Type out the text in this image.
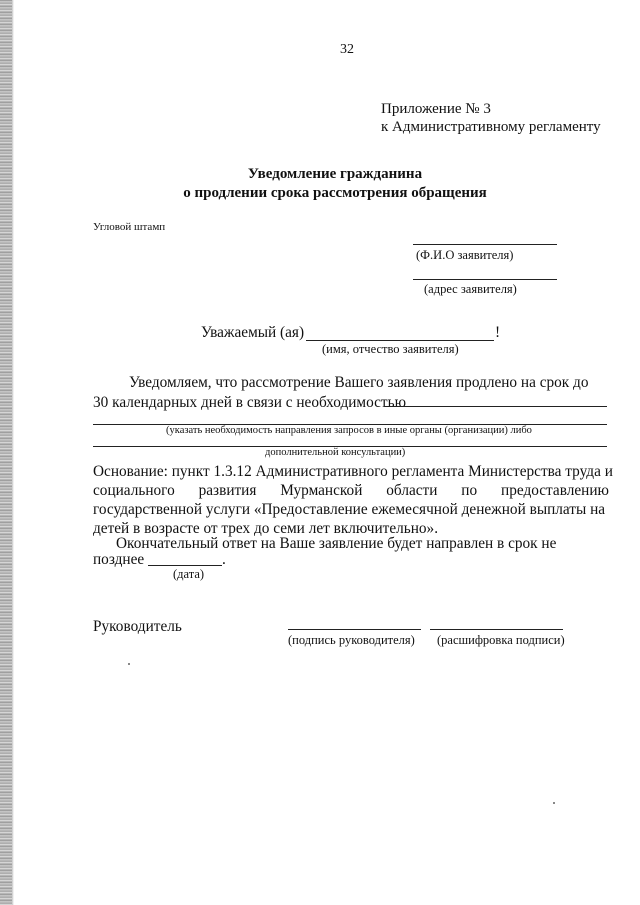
32
Приложение № 3
к Административному регламенту
Уведомление гражданина
о продлении срока рассмотрения обращения
Угловой штамп
(Ф.И.О заявителя)
(адрес заявителя)
Уважаемый (ая)	!
(имя, отчество заявителя)
Уведомляем, что рассмотрение Вашего заявления продлено на срок до
30 календарных дней в связи с необходимостью
(указать необходимость направления запросов в иные органы (организации) либо
дополнительной консультации)
Основание: пункт 1.3.12 Административного регламента Министерства труда и
социального развития Мурманской области по предоставлению
государственной услуги «Предоставление ежемесячной денежной выплаты на
детей в возрасте от трех до семи лет включительно».
Окончательный ответ на Ваше заявление будет направлен в срок не
позднее	.
(дата)
Руководитель
(подпись руководителя) (расшифровка подписи)
